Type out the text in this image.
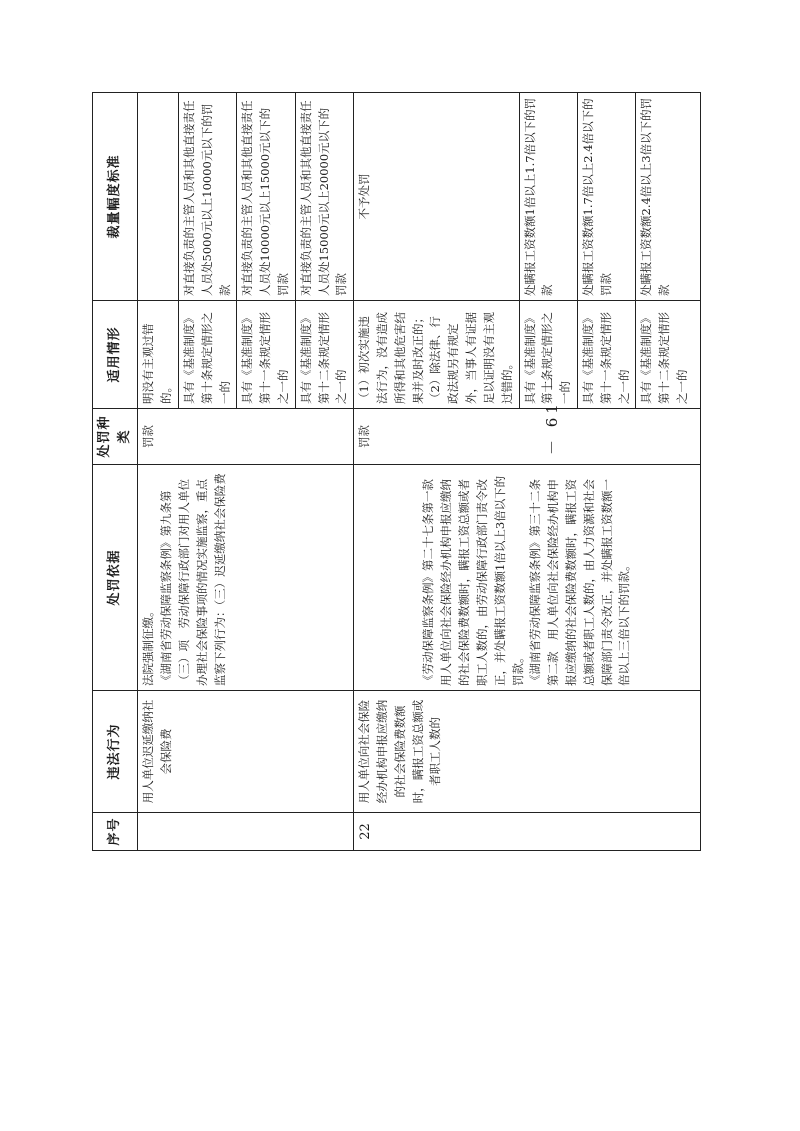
序号	违法行为	处罚依据	处罚种类	适用情形	裁量幅度标准
	用人单位迟延缴纳社会保险费	法院强制征缴。 《湖南省劳动保障监察条例》第九条第（三）项　劳动保障行政部门对用人单位办理社会保险事项的情况实施监察，重点监察下列行为：（三）迟延缴纳社会保险费	罚款	明没有主观过错的。	
				具有《基准制度》第十条规定情形之一的	对直接负责的主管人员和其他直接责任人员处5000元以上10000元以下的罚款
				具有《基准制度》第十一条规定情形之一的	对直接负责的主管人员和其他直接责任人员处10000元以上15000元以下的罚款
				具有《基准制度》第十二条规定情形之一的	对直接负责的主管人员和其他直接责任人员处15000元以上20000元以下的罚款
22	用人单位向社会保险经办机构申报应缴纳的社会保险费数额时，瞒报工资总额或者职工人数的	《劳动保障监察条例》第二十七条第一款　用人单位向社会保险经办机构申报应缴纳的社会保险费数额时，瞒报工资总额或者职工人数的，由劳动保障行政部门责令改正，并处瞒报工资数额1倍以上3倍以下的罚款。 《湖南省劳动保障监察条例》第三十二条第二款　用人单位向社会保险经办机构申报应缴纳的社会保险费数额时，瞒报工资总额或者职工人数的，由人力资源和社会保障部门责令改正，并处瞒报工资数额一倍以上三倍以下的罚款。	罚款	（1）初次实施违法行为，没有造成所得和其他危害结果并及时改正的；（2）除法律、行政法规另有规定外，当事人有证据足以证明没有主观过错的。	不予处罚
				具有《基准制度》第十条规定情形之一的	处瞒报工资数额1倍以上1.7倍以下的罚款
				具有《基准制度》第十一条规定情形之一的	处瞒报工资数额1.7倍以上2.4倍以下的罚款
				具有《基准制度》第十二条规定情形之一的	处瞒报工资数额2.4倍以上3倍以下的罚款
－ 61 －
